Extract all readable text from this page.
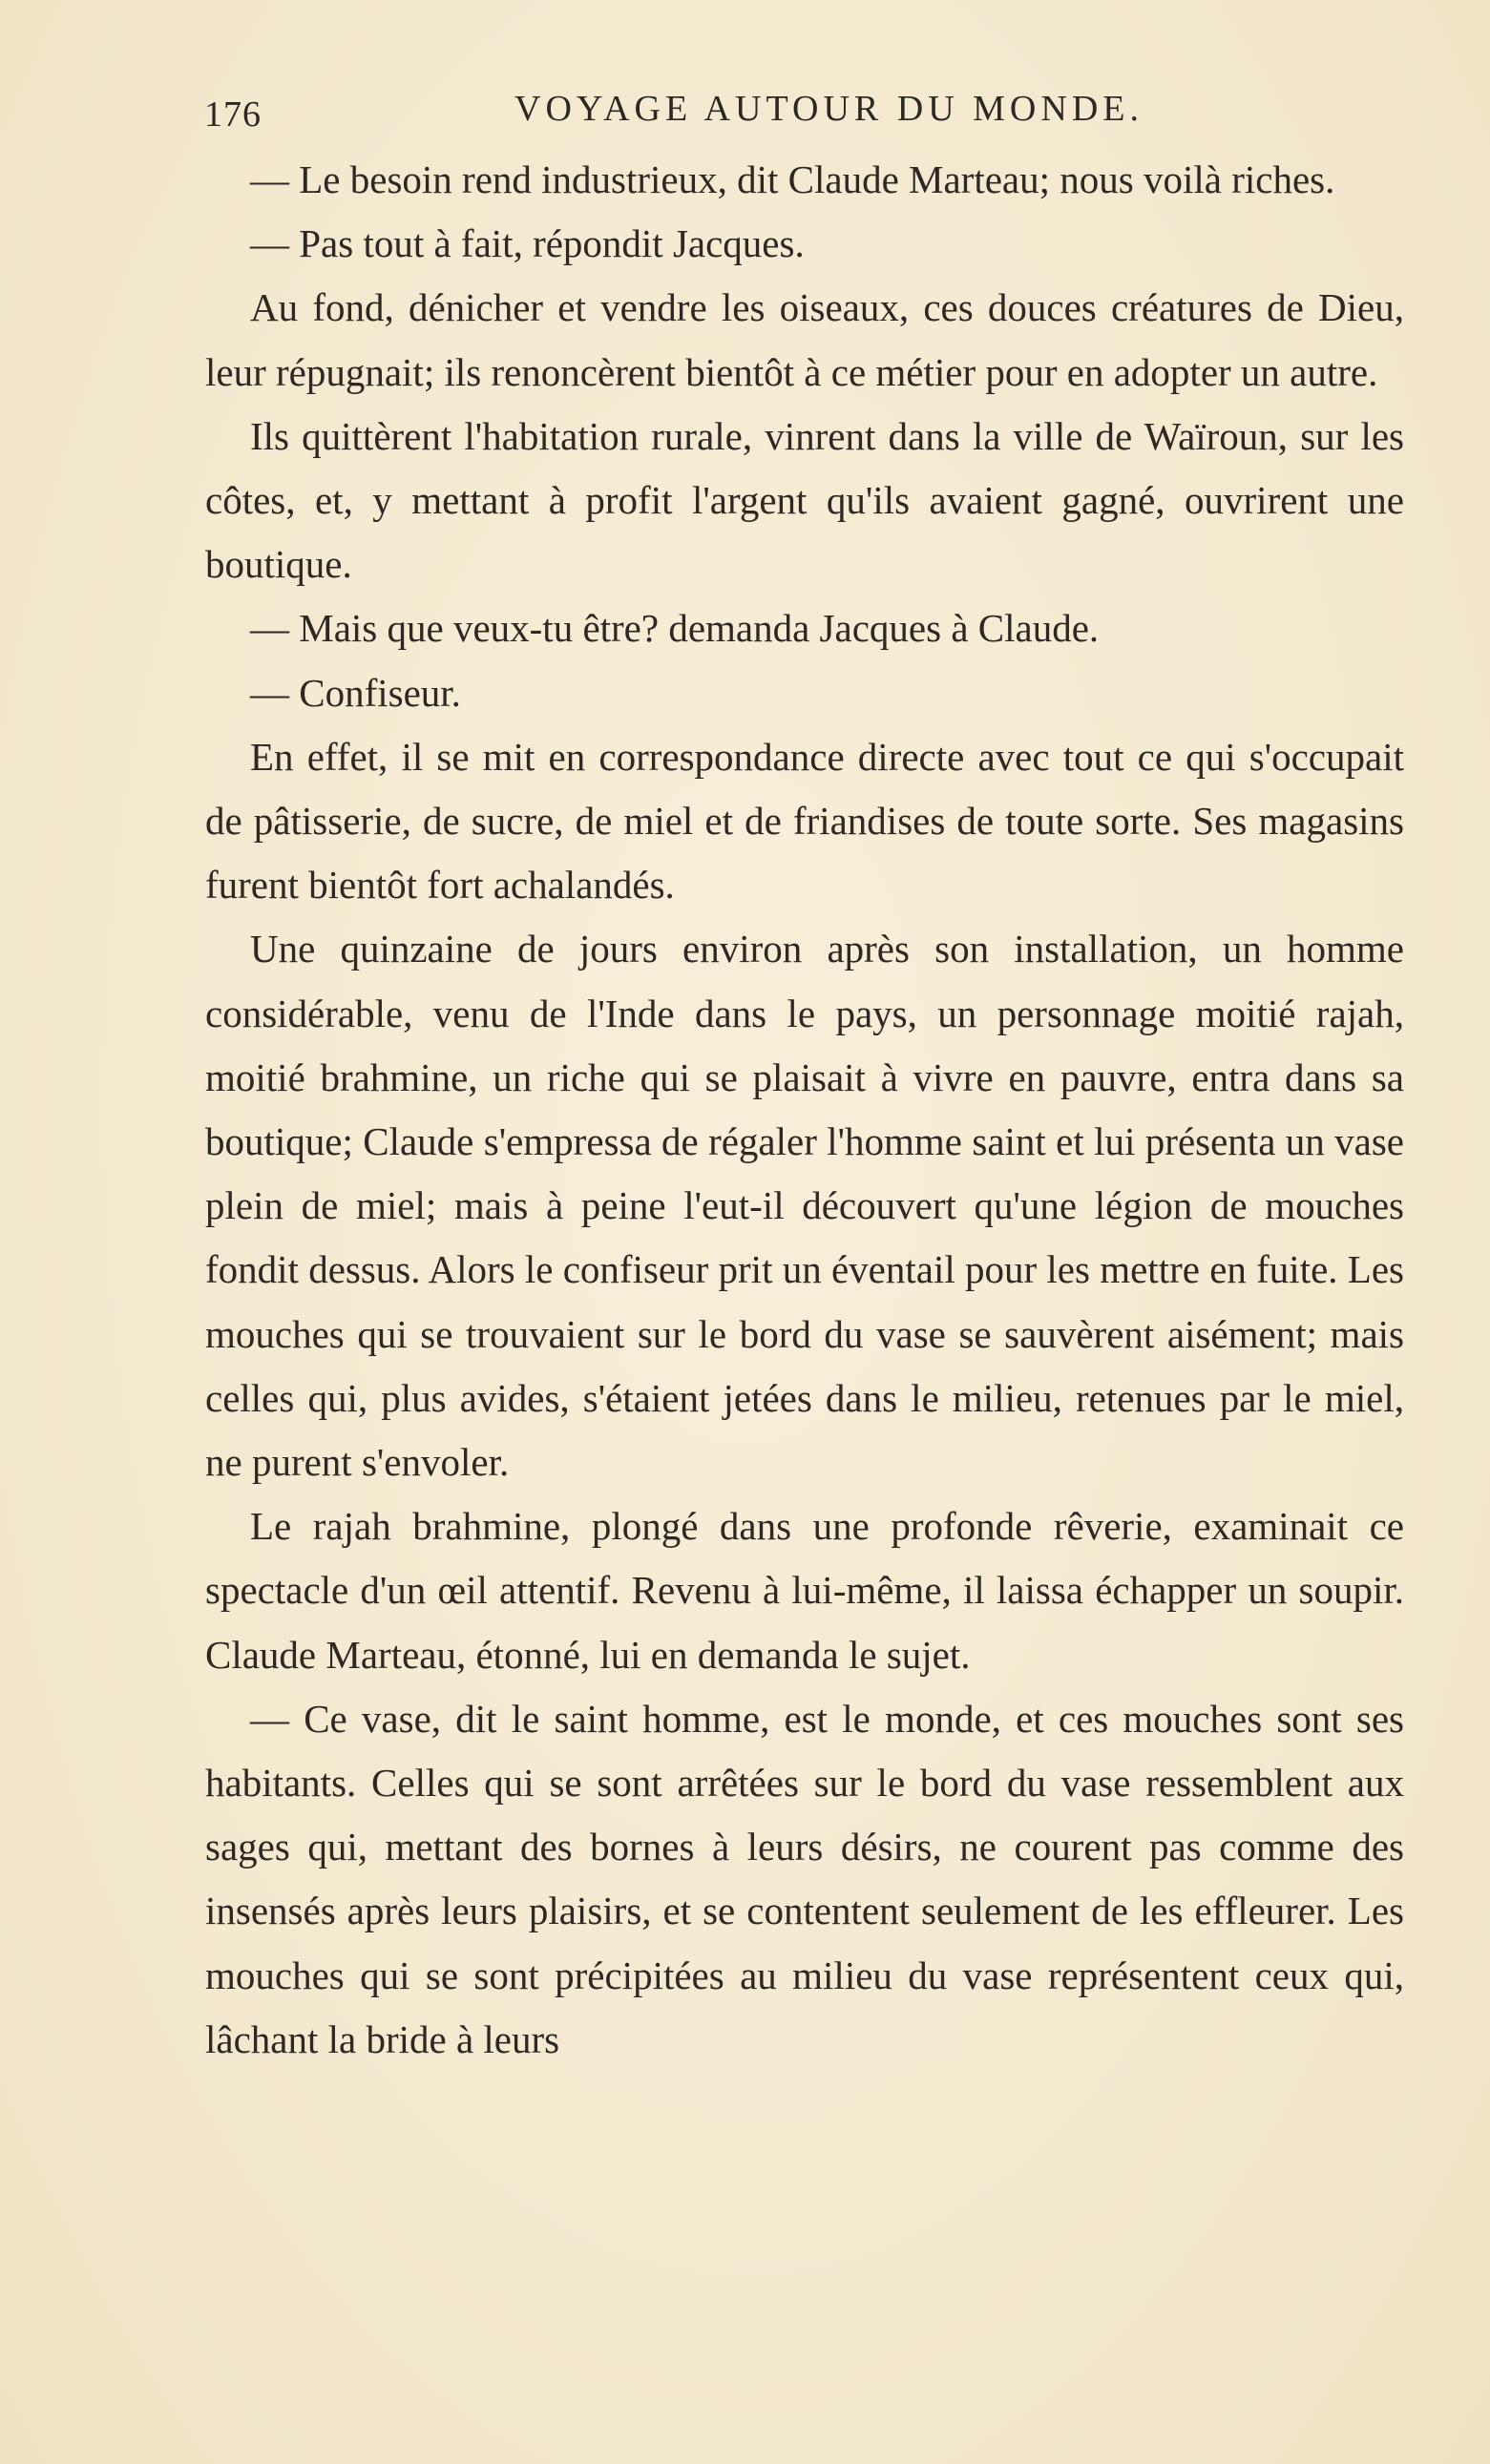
176	VOYAGE AUTOUR DU MONDE.

— Le besoin rend industrieux, dit Claude Marteau; nous voilà riches.

— Pas tout à fait, répondit Jacques.

Au fond, dénicher et vendre les oiseaux, ces douces créatures de Dieu, leur répugnait; ils renoncèrent bientôt à ce métier pour en adopter un autre.

Ils quittèrent l'habitation rurale, vinrent dans la ville de Waïroun, sur les côtes, et, y mettant à profit l'argent qu'ils avaient gagné, ouvrirent une boutique.

— Mais que veux-tu être? demanda Jacques à Claude.

— Confiseur.

En effet, il se mit en correspondance directe avec tout ce qui s'occupait de pâtisserie, de sucre, de miel et de friandises de toute sorte. Ses magasins furent bientôt fort achalandés.

Une quinzaine de jours environ après son installation, un homme considérable, venu de l'Inde dans le pays, un personnage moitié rajah, moitié brahmine, un riche qui se plaisait à vivre en pauvre, entra dans sa boutique; Claude s'empressa de régaler l'homme saint et lui présenta un vase plein de miel; mais à peine l'eut-il découvert qu'une légion de mouches fondit dessus. Alors le confiseur prit un éventail pour les mettre en fuite. Les mouches qui se trouvaient sur le bord du vase se sauvèrent aisément; mais celles qui, plus avides, s'étaient jetées dans le milieu, retenues par le miel, ne purent s'envoler.

Le rajah brahmine, plongé dans une profonde rêverie, examinait ce spectacle d'un œil attentif. Revenu à lui-même, il laissa échapper un soupir. Claude Marteau, étonné, lui en demanda le sujet.

— Ce vase, dit le saint homme, est le monde, et ces mouches sont ses habitants. Celles qui se sont arrêtées sur le bord du vase ressemblent aux sages qui, mettant des bornes à leurs désirs, ne courent pas comme des insensés après leurs plaisirs, et se contentent seulement de les effleurer. Les mouches qui se sont précipitées au milieu du vase représentent ceux qui, lâchant la bride à leurs
